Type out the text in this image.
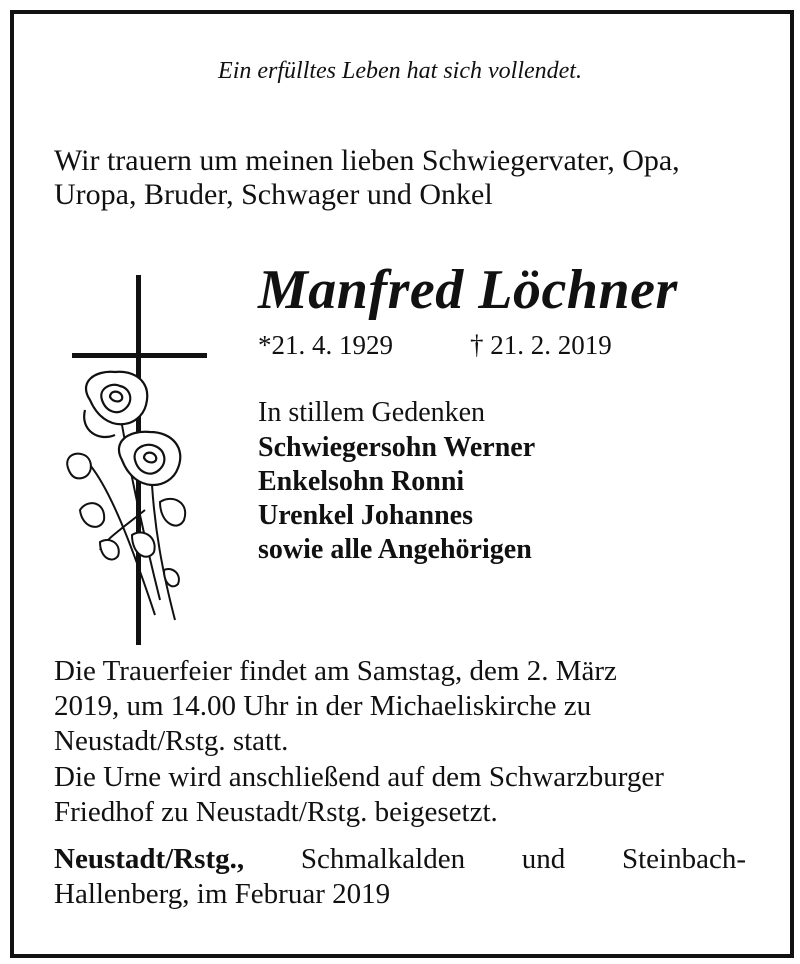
Ein erfülltes Leben hat sich vollendet.
Wir trauern um meinen lieben Schwiegervater, Opa,
Uropa, Bruder, Schwager und Onkel
Manfred Löchner
*21. 4. 1929	† 21. 2. 2019
In stillem Gedenken
Schwiegersohn Werner
Enkelsohn Ronni
Urenkel Johannes
sowie alle Angehörigen
Die Trauerfeier findet am Samstag, dem 2. März
2019, um 14.00 Uhr in der Michaeliskirche zu
Neustadt/Rstg. statt.
Die Urne wird anschließend auf dem Schwarzburger
Friedhof zu Neustadt/Rstg. beigesetzt.
Neustadt/Rstg., Schmalkalden und Steinbach-
Hallenberg, im Februar 2019
